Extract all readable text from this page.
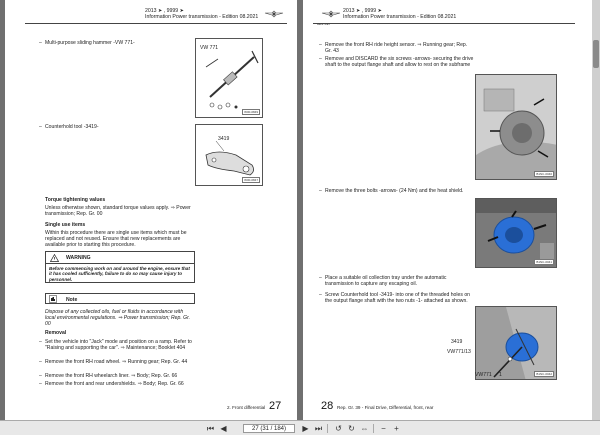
2013 ➤ , 9999 ➤
Information Power transmission - Edition 08.2021
– Multi-purpose sliding hammer -VW 771-
VW 771
W00-0849
– Counterhold tool -3419-
3419
W00-0847
Torque tightening values
Unless otherwise shown, standard torque values apply. ⇒ Power transmission; Rep. Gr. 00
Single use items
Within this procedure there are single use items which must be replaced and not reused. Ensure that new replacements are available prior to starting this procedure.
WARNING
Before commencing work on and around the engine, ensure that it has cooled sufficiently, failure to do so may cause injury to personnel.
Note
Dispose of any collected oils, fuel or fluids in accordance with local environmental regulations. ⇒ Power transmission; Rep. Gr. 00
Removal
– Set the vehicle into "Jack" mode and position on a ramp. Refer to "Raising and supporting the car". ⇒ Maintenance; Booklet 404
– Remove the front RH road wheel. ⇒ Running gear; Rep. Gr. 44
– Remove the front RH wheelarch liner. ⇒ Body; Rep. Gr. 66
– Remove the front and rear undershields. ⇒ Body; Rep. Gr. 66
2. Front differential 27
BENTLEY
2013 ➤ , 9999 ➤
Information Power transmission - Edition 08.2021
– Remove the front RH ride height sensor. ⇒ Running gear; Rep. Gr. 43
– Remove and DISCARD the six screws -arrows- securing the drive shaft to the output flange shaft and allow to rest on the subframe
B1NC-0040
– Remove the three bolts -arrows- (24 Nm) and the heat shield.
B1NC-0041
– Place a suitable oil collection tray under the automatic transmission to capture any escaping oil.
– Screw Counterhold tool -3419- into one of the threaded holes on the output flange shaft with the two nuts -1- attached as shown.
B1NC-0042
3419
VW771/13
VW771 1
28 Rep. Gr. 39 - Final Drive, Differential, front, rear
⏮ ◀	27 (31 / 184)	▶ ⏭ ↺ ↻ ⇔	−	+
